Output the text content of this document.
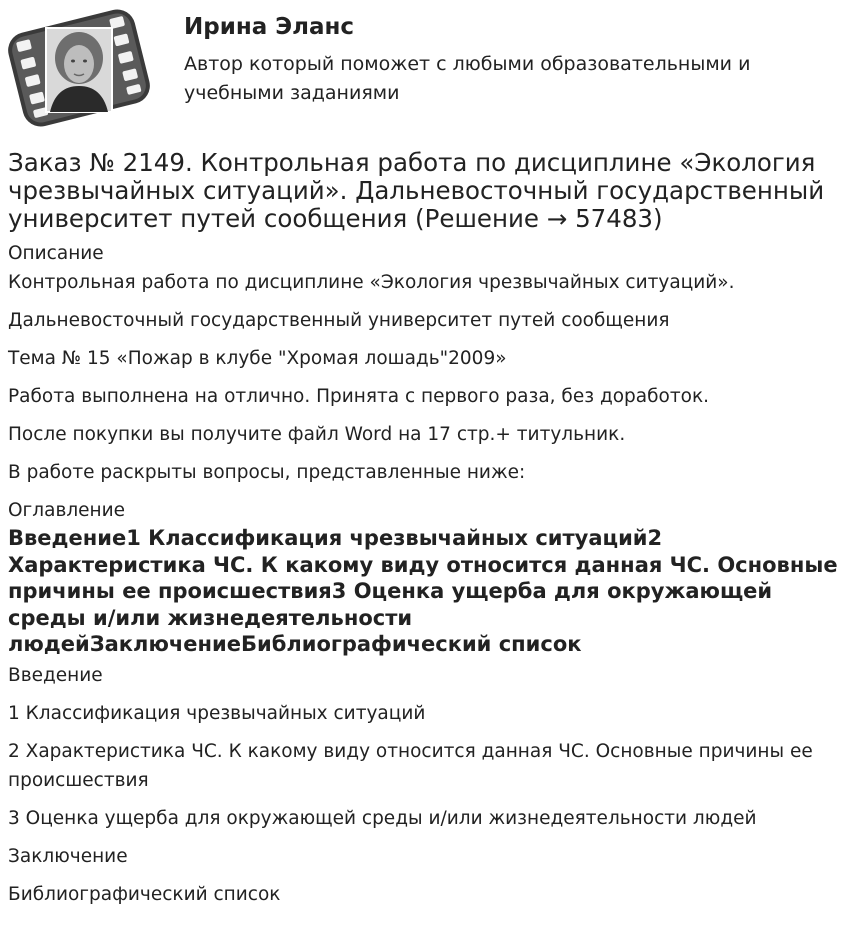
Ирина Эланс
Автор который поможет с любыми образовательными и учебными заданиями
Заказ № 2149. Контрольная работа по дисциплине «Экология чрезвычайных ситуаций». Дальневосточный государственный университет путей сообщения (Решение → 57483)
Описание

Контрольная работа по дисциплине «Экология чрезвычайных ситуаций».

Дальневосточный государственный университет путей сообщения

Тема № 15 «Пожар в клубе "Хромая лошадь"2009»

Работа выполнена на отлично. Принята с первого раза, без доработок.

После покупки вы получите файл Word на 17 стр.+ титульник.

В работе раскрыты вопросы, представленные ниже:

Оглавление
Введение1 Классификация чрезвычайных ситуаций2 Характеристика ЧС. К какому виду относится данная ЧС. Основные причины ее происшествия3 Оценка ущерба для окружающей среды и/или жизнедеятельности людейЗаключениеБиблиографический список

Введение

1 Классификация чрезвычайных ситуаций

2 Характеристика ЧС. К какому виду относится данная ЧС. Основные причины ее происшествия

3 Оценка ущерба для окружающей среды и/или жизнедеятельности людей

Заключение

Библиографический список
